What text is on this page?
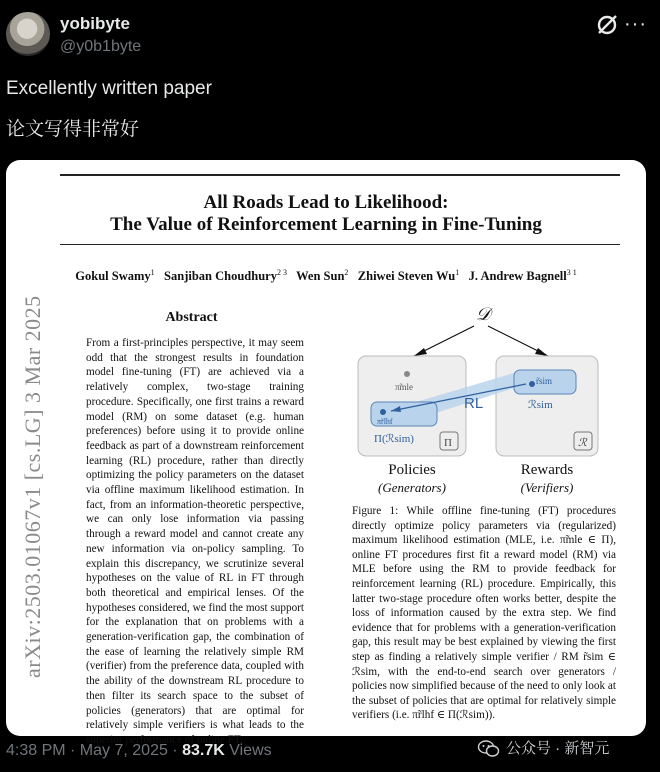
yobibyte
@y0b1byte
···
Excellently written paper
论文写得非常好
All Roads Lead to Likelihood:
The Value of Reinforcement Learning in Fine-Tuning
Gokul Swamy$^1$ Sanjiban Choudhury$^{2 3}$ Wen Sun$^2$ Zhiwei Steven Wu$^1$ J. Andrew Bagnell$^{3 1}$
arXiv:2503.01067v1 [cs.LG] 3 Mar 2025	Abstract
From a first-principles perspective, it may seem odd that the strongest results in foundation model fine-tuning (FT) are achieved via a relatively complex, two-stage training procedure. Specifically, one first trains a reward model (RM) on some dataset (e.g. human preferences) before using it to provide online feedback as part of a downstream reinforcement learning (RL) procedure, rather than directly optimizing the policy parameters on the dataset via offline maximum likelihood estimation. In fact, from an information-theoretic perspective, we can only lose information via passing through a reward model and cannot create any new information via on-policy sampling. To explain this discrepancy, we scrutinize several hypotheses on the value of RL in FT through both theoretical and empirical lenses. Of the hypotheses considered, we find the most support for the explanation that on problems with a generation-verification gap, the combination of the ease of learning the relatively simple RM (verifier) from the preference data, coupled with the ability of the downstream RL procedure to then filter its search space to the subset of policies (generators) that are optimal for relatively simple verifiers is what leads to the superior performance of online FT.
𝒟
RL
π̃mle
π̃rlhf
Π(ℛsim)	Π
r̃sim
ℛsim
ℛ
Policies
(Generators)
Rewards
(Verifiers)
Figure 1: While offline fine-tuning (FT) procedures directly optimize policy parameters via (regularized) maximum likelihood estimation (MLE, i.e. π̃mle ∈ Π), online FT procedures first fit a reward model (RM) via MLE before using the RM to provide feedback for reinforcement learning (RL) procedure. Empirically, this latter two-stage procedure often works better, despite the loss of information caused by the extra step. We find evidence that for problems with a generation-verification gap, this result may be best explained by viewing the first step as finding a relatively simple verifier / RM r̃sim ∈ ℛsim, with the end-to-end search over generators / policies now simplified because of the need to only look at the subset of policies that are optimal for relatively simple verifiers (i.e. π̃rlhf ∈ Π(ℛsim)).
4:38 PM · May 7, 2025 · 83.7K Views	公众号 · 新智元
